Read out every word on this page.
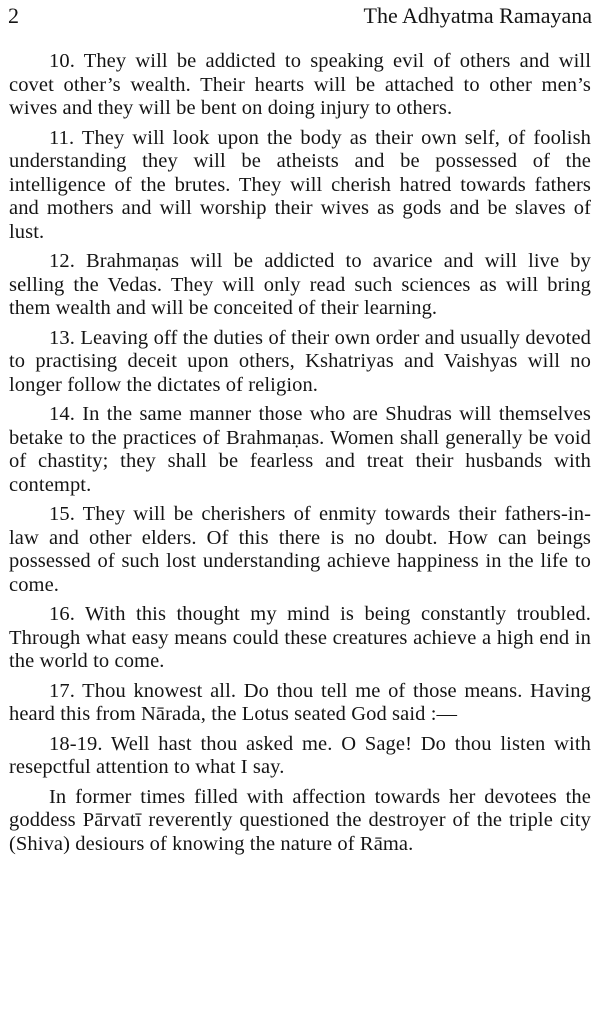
2	The Adhyatma Ramayana

10. They will be addicted to speaking evil of others and will covet other’s wealth. Their hearts will be attached to other men’s wives and they will be bent on doing injury to others.

11. They will look upon the body as their own self, of foolish understanding they will be atheists and be possessed of the intelligence of the brutes. They will cherish hatred towards fathers and mothers and will worship their wives as gods and be slaves of lust.

12. Brahmaṇas will be addicted to avarice and will live by selling the Vedas. They will only read such sciences as will bring them wealth and will be conceited of their learning.

13. Leaving off the duties of their own order and usually devoted to practising deceit upon others, Kshatriyas and Vaishyas will no longer follow the dictates of religion.

14. In the same manner those who are Shudras will themselves betake to the practices of Brahmaṇas. Women shall generally be void of chastity; they shall be fearless and treat their husbands with contempt.

15. They will be cherishers of enmity towards their fathers-in-law and other elders. Of this there is no doubt. How can beings possessed of such lost understanding achieve happiness in the life to come.

16. With this thought my mind is being constantly troubled. Through what easy means could these creatures achieve a high end in the world to come.

17. Thou knowest all. Do thou tell me of those means. Having heard this from Nārada, the Lotus seated God said :—

18-19. Well hast thou asked me. O Sage! Do thou listen with resepctful attention to what I say.

In former times filled with affection towards her devotees the goddess Pārvatī reverently questioned the destroyer of the triple city (Shiva) desiours of knowing the nature of Rāma.
